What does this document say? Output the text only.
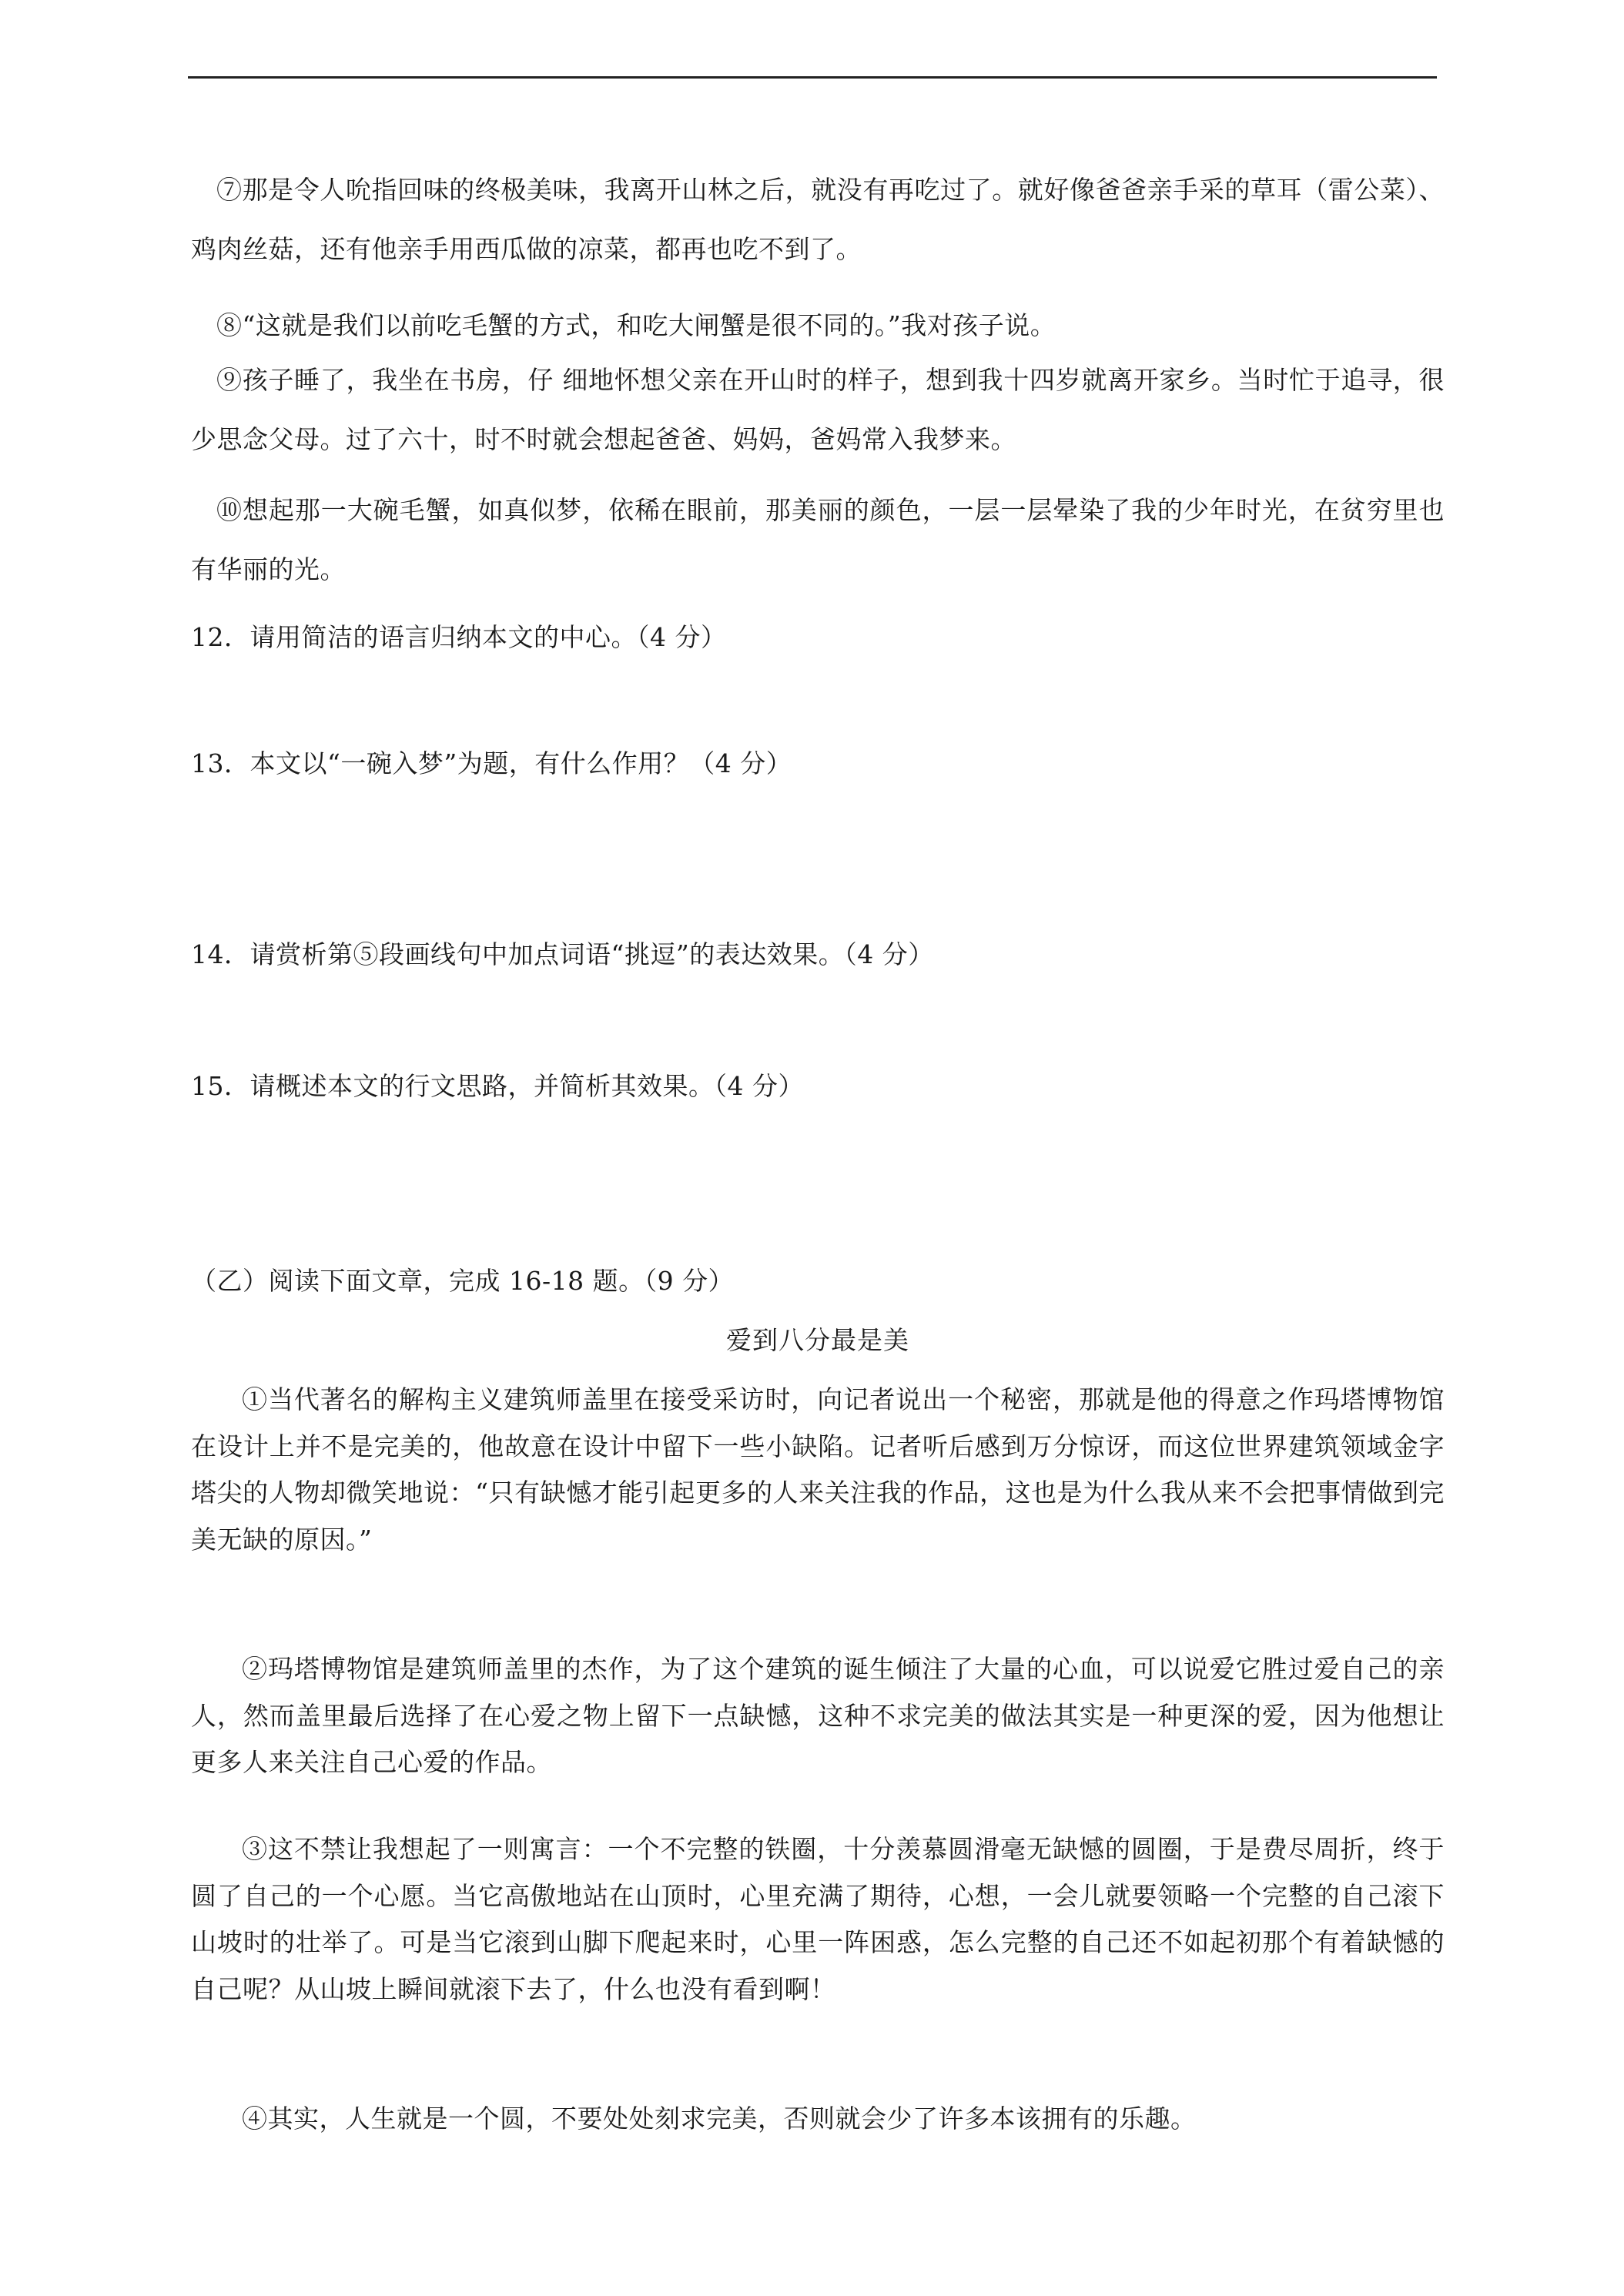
⑦那是令人吮指回味的终极美味，我离开山林之后，就没有再吃过了。就好像爸爸亲手采的草耳（雷公菜）、鸡肉丝菇，还有他亲手用西瓜做的凉菜，都再也吃不到了。
⑧“这就是我们以前吃毛蟹的方式，和吃大闸蟹是很不同的。”我对孩子说。
⑨孩子睡了，我坐在书房，仔 细地怀想父亲在开山时的样子，想到我十四岁就离开家乡。当时忙于追寻，很少思念父母。过了六十，时不时就会想起爸爸、妈妈，爸妈常入我梦来。
⑩想起那一大碗毛蟹，如真似梦，依稀在眼前，那美丽的颜色，一层一层晕染了我的少年时光，在贫穷里也有华丽的光。
12．请用简洁的语言归纳本文的中心。（4 分）
13．本文以“一碗入梦”为题，有什么作用？（4 分）
14．请赏析第⑤段画线句中加点词语“挑逗”的表达效果。（4 分）
15．请概述本文的行文思路，并简析其效果。（4 分）
（乙）阅读下面文章，完成 16-18 题。（9 分）
爱到八分最是美
①当代著名的解构主义建筑师盖里在接受采访时，向记者说出一个秘密，那就是他的得意之作玛塔博物馆在设计上并不是完美的，他故意在设计中留下一些小缺陷。记者听后感到万分惊讶，而这位世界建筑领域金字塔尖的人物却微笑地说：“只有缺憾才能引起更多的人来关注我的作品，这也是为什么我从来不会把事情做到完美无缺的原因。”
②玛塔博物馆是建筑师盖里的杰作，为了这个建筑的诞生倾注了大量的心血，可以说爱它胜过爱自己的亲人，然而盖里最后选择了在心爱之物上留下一点缺憾，这种不求完美的做法其实是一种更深的爱，因为他想让更多人来关注自己心爱的作品。
③这不禁让我想起了一则寓言：一个不完整的铁圈，十分羡慕圆滑毫无缺憾的圆圈，于是费尽周折，终于圆了自己的一个心愿。当它高傲地站在山顶时，心里充满了期待，心想，一会儿就要领略一个完整的自己滚下山坡时的壮举了。可是当它滚到山脚下爬起来时，心里一阵困惑，怎么完整的自己还不如起初那个有着缺憾的自己呢？从山坡上瞬间就滚下去了，什么也没有看到啊！
④其实，人生就是一个圆，不要处处刻求完美，否则就会少了许多本该拥有的乐趣。
